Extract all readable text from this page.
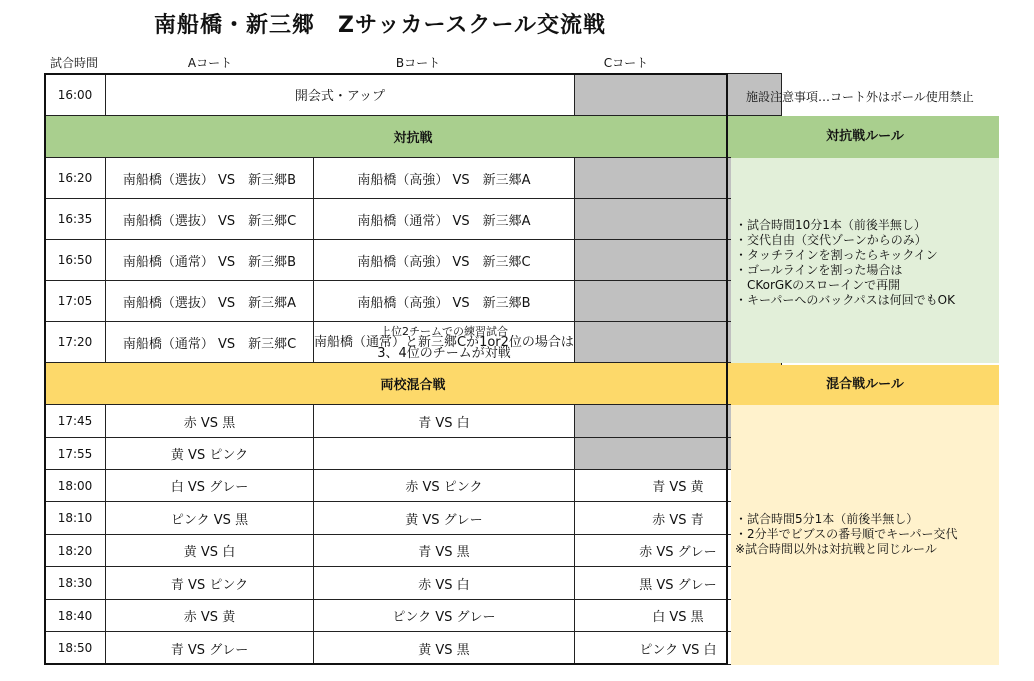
南船橋・新三郷　Zサッカースクール交流戦
試合時間	Aコート	Bコート	Cコート
16:00	開会式・アップ		
対抗戦			
16:20	南船橋（選抜） VS　新三郷B	南船橋（高強） VS　新三郷A	
16:35	南船橋（選抜） VS　新三郷C	南船橋（通常） VS　新三郷A	
16:50	南船橋（通常） VS　新三郷B	南船橋（高強） VS　新三郷C	
17:05	南船橋（選抜） VS　新三郷A	南船橋（高強） VS　新三郷B	
17:20	南船橋（通常） VS　新三郷C	上位2チームでの練習試合
南船橋（通常）と新三郷Cが1or2位の場合は
3、4位のチームが対戦	

両校混合戦			
17:45	赤 VS 黒	青 VS 白	
17:55	黄 VS ピンク		
18:00	白 VS グレー	赤 VS ピンク	青 VS 黄
18:10	ピンク VS 黒	黄 VS グレー	赤 VS 青
18:20	黄 VS 白	青 VS 黒	赤 VS グレー
18:30	青 VS ピンク	赤 VS 白	黒 VS グレー
18:40	赤 VS 黄	ピンク VS グレー	白 VS 黒
18:50	青 VS グレー	黄 VS 黒	ピンク VS 白
施設注意事項…コート外はボール使用禁止
対抗戦ルール
・試合時間10分1本（前後半無し）
・交代自由（交代ゾーンからのみ）
・タッチラインを割ったらキックイン
・ゴールラインを割った場合は
　CKorGKのスローインで再開
・キーパーへのバックパスは何回でもOK
混合戦ルール
・試合時間5分1本（前後半無し）
・2分半でビブスの番号順でキーパー交代
※試合時間以外は対抗戦と同じルール
